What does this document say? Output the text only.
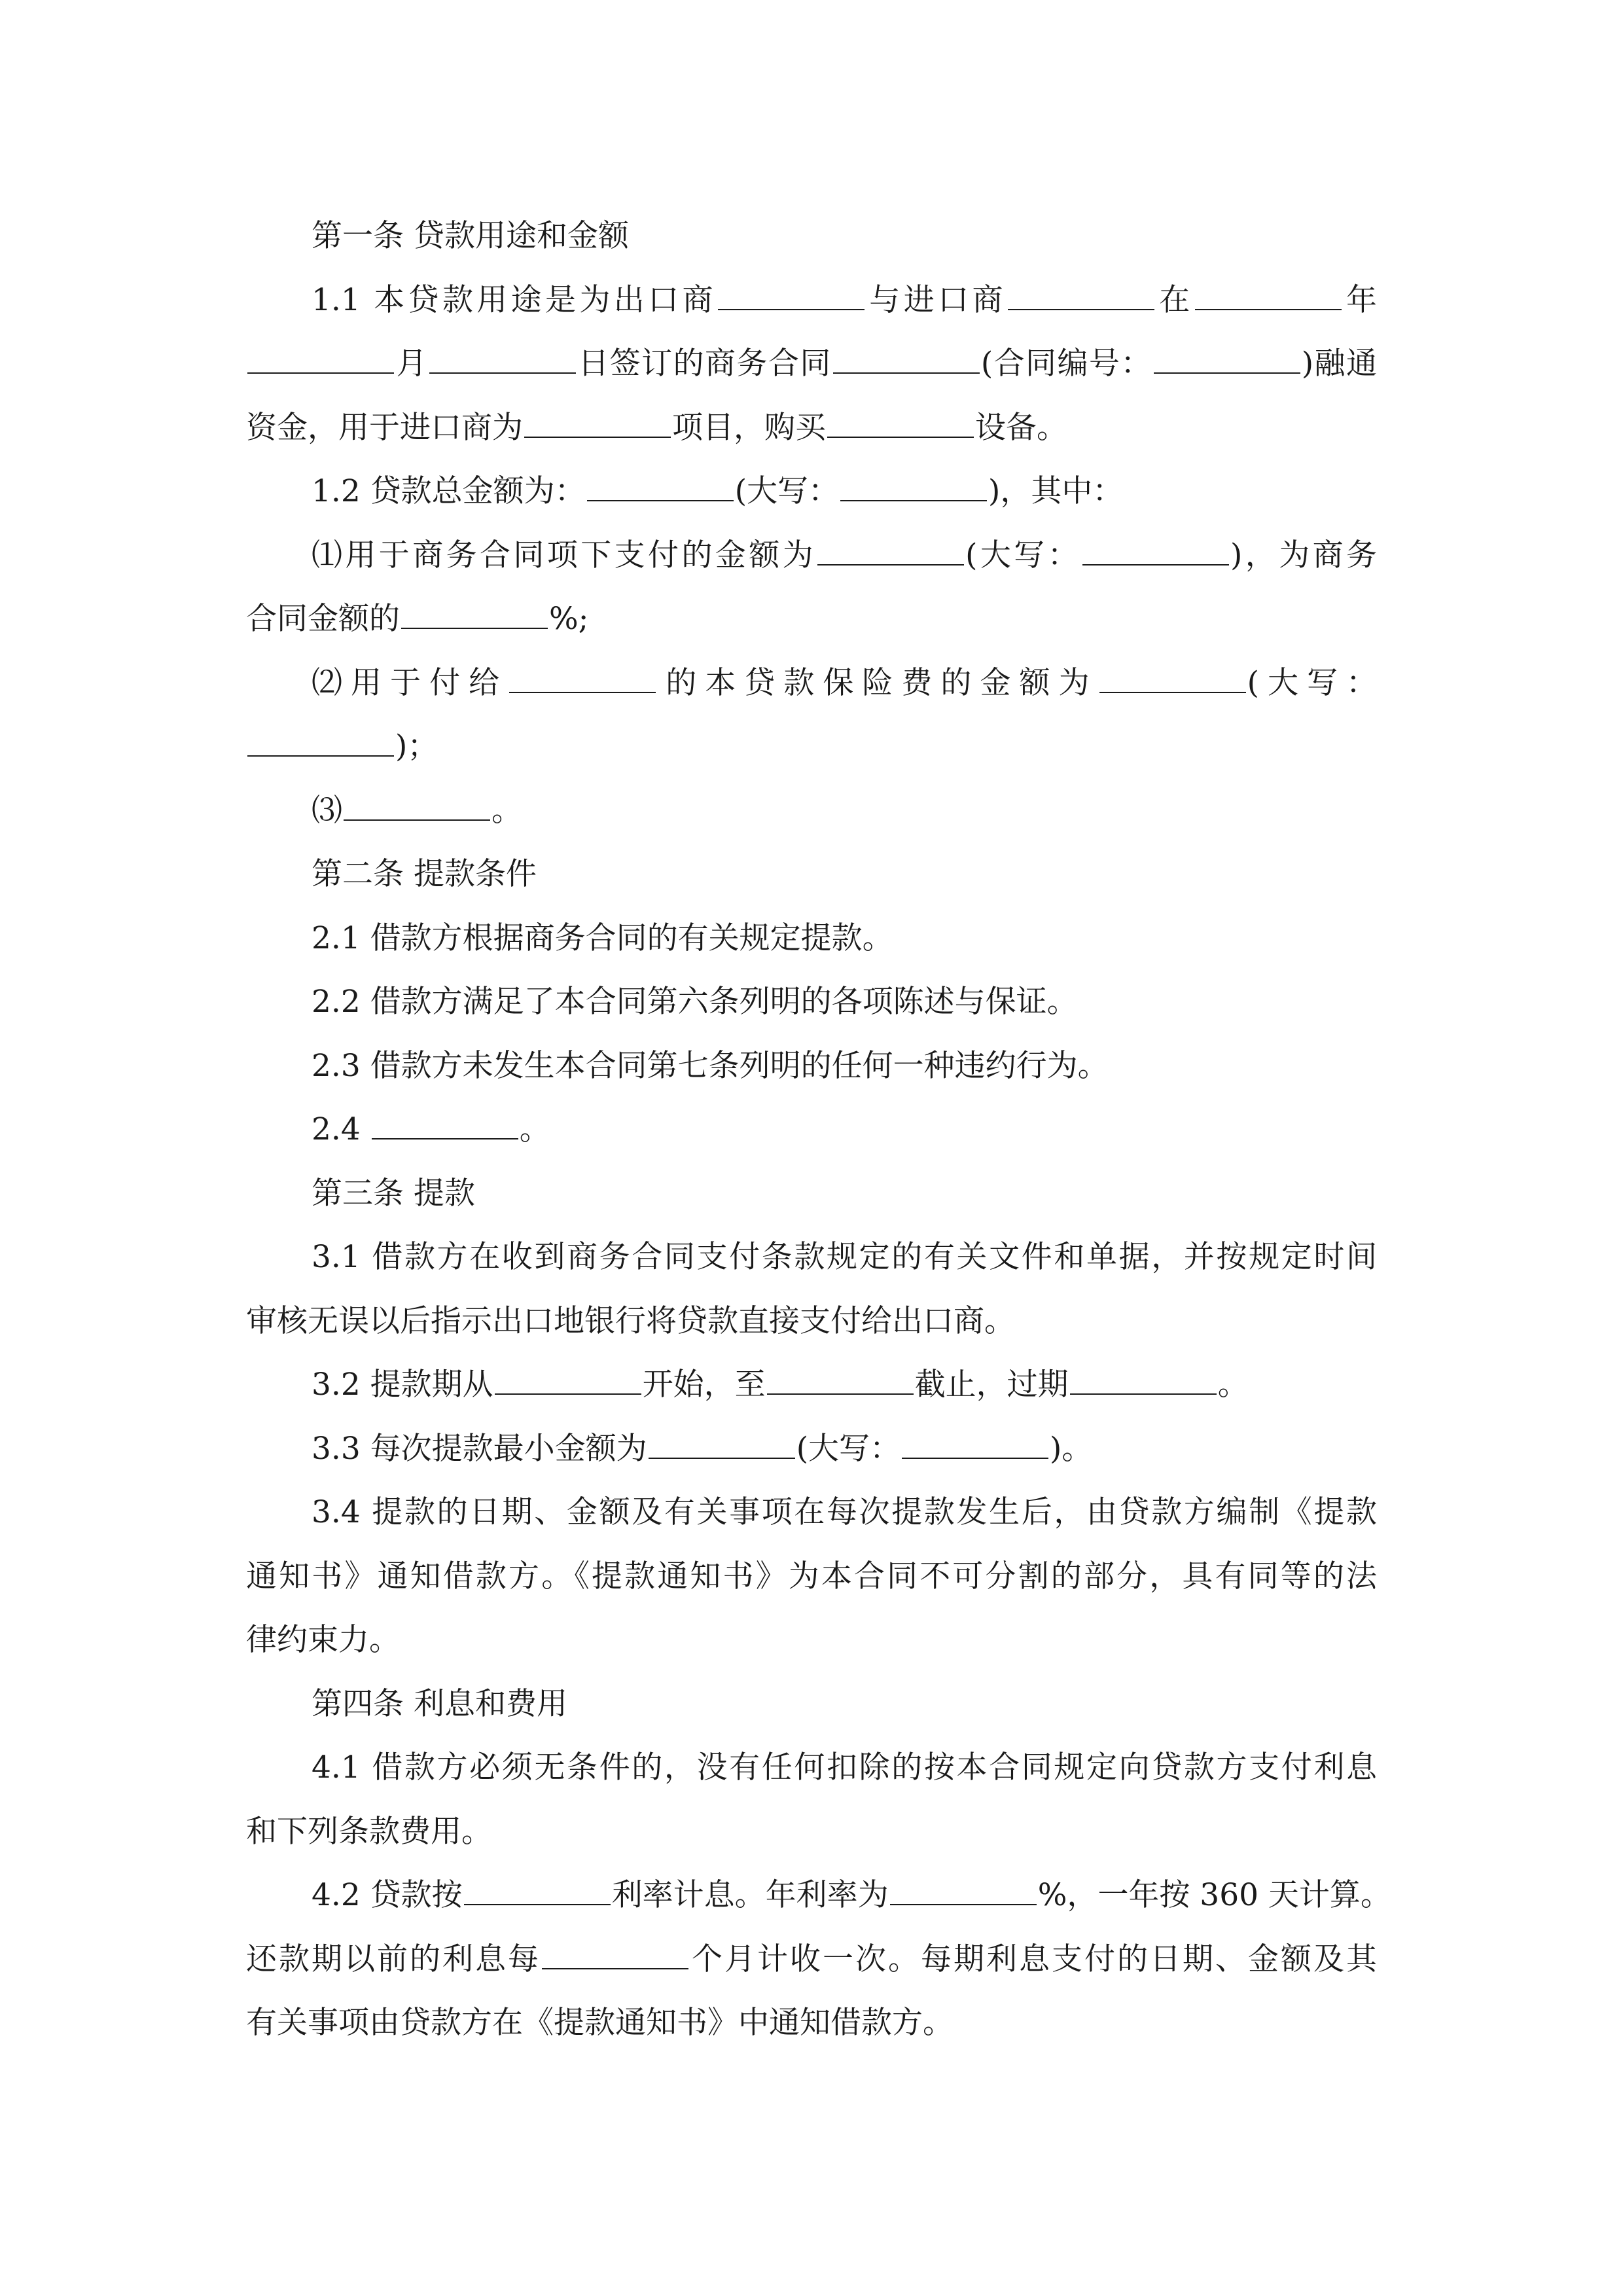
第一条 贷款用途和金额

1.1 本贷款用途是为出口商	与进口商	在	年

月	日签订的商务合同	(合同编号：	)融通

资金，用于进口商为	项目，购买	设备。

1.2 贷款总金额为：	(大写：	)，其中：

⑴用于商务合同项下支付的金额为	(大写：	)，为商务

合同金额的	%;

⑵用于付给	的本贷款保险费的金额为	(大写：

)；

⑶	。

第二条 提款条件

2.1 借款方根据商务合同的有关规定提款。

2.2 借款方满足了本合同第六条列明的各项陈述与保证。

2.3 借款方未发生本合同第七条列明的任何一种违约行为。

2.4	。

第三条 提款

3.1 借款方在收到商务合同支付条款规定的有关文件和单据，并按规定时间

审核无误以后指示出口地银行将贷款直接支付给出口商。

3.2 提款期从	开始，至	截止，过期	。

3.3 每次提款最小金额为	(大写：	)。

3.4 提款的日期、金额及有关事项在每次提款发生后，由贷款方编制《提款

通知书》通知借款方。《提款通知书》为本合同不可分割的部分，具有同等的法

律约束力。

第四条 利息和费用

4.1 借款方必须无条件的，没有任何扣除的按本合同规定向贷款方支付利息

和下列条款费用。

4.2 贷款按	利率计息。年利率为	%，一年按 360 天计算。

还款期以前的利息每	个月计收一次。每期利息支付的日期、金额及其

有关事项由贷款方在《提款通知书》中通知借款方。
